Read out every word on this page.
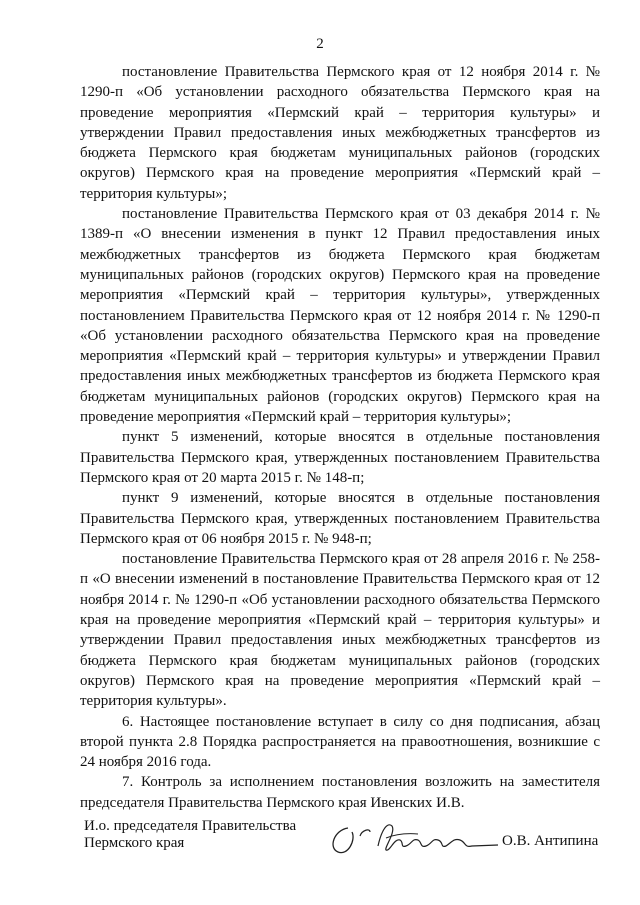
2

постановление Правительства Пермского края от 12 ноября 2014 г. № 1290-п «Об установлении расходного обязательства Пермского края на проведение мероприятия «Пермский край – территория культуры» и утверждении Правил предоставления иных межбюджетных трансфертов из бюджета Пермского края бюджетам муниципальных районов (городских округов) Пермского края на проведение мероприятия «Пермский край – территория культуры»;

постановление Правительства Пермского края от 03 декабря 2014 г. № 1389-п «О внесении изменения в пункт 12 Правил предоставления иных межбюджетных трансфертов из бюджета Пермского края бюджетам муниципальных районов (городских округов) Пермского края на проведение мероприятия «Пермский край – территория культуры», утвержденных постановлением Правительства Пермского края от 12 ноября 2014 г. № 1290-п «Об установлении расходного обязательства Пермского края на проведение мероприятия «Пермский край – территория культуры» и утверждении Правил предоставления иных межбюджетных трансфертов из бюджета Пермского края бюджетам муниципальных районов (городских округов) Пермского края на проведение мероприятия «Пермский край – территория культуры»;

пункт 5 изменений, которые вносятся в отдельные постановления Правительства Пермского края, утвержденных постановлением Правительства Пермского края от 20 марта 2015 г. № 148-п;

пункт 9 изменений, которые вносятся в отдельные постановления Правительства Пермского края, утвержденных постановлением Правительства Пермского края от 06 ноября 2015 г. № 948-п;

постановление Правительства Пермского края от 28 апреля 2016 г. № 258-п «О внесении изменений в постановление Правительства Пермского края от 12 ноября 2014 г. № 1290-п «Об установлении расходного обязательства Пермского края на проведение мероприятия «Пермский край – территория культуры» и утверждении Правил предоставления иных межбюджетных трансфертов из бюджета Пермского края бюджетам муниципальных районов (городских округов) Пермского края на проведение мероприятия «Пермский край – территория культуры».

6. Настоящее постановление вступает в силу со дня подписания, абзац второй пункта 2.8 Порядка распространяется на правоотношения, возникшие с 24 ноября 2016 года.

7. Контроль за исполнением постановления возложить на заместителя председателя Правительства Пермского края Ивенских И.В.

И.о. председателя Правительства
Пермского края	О.В. Антипина
